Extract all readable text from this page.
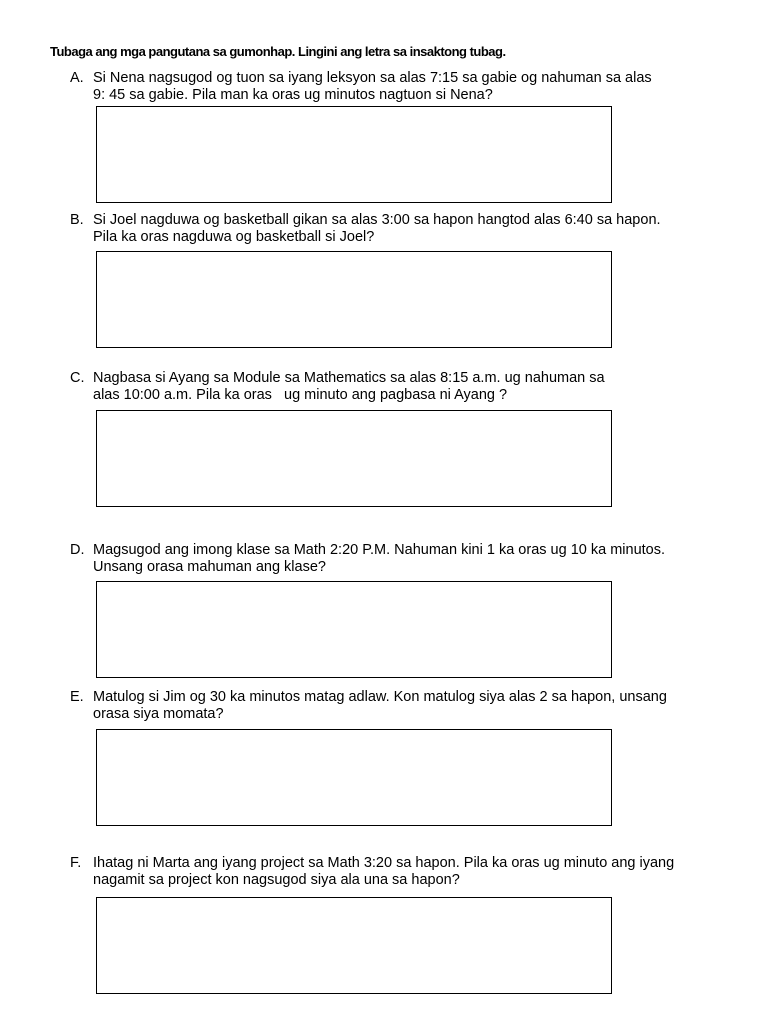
Tubaga ang mga pangutana sa gumonhap. Lingini ang letra sa insaktong tubag.
A. Si Nena nagsugod og tuon sa iyang leksyon sa alas 7:15 sa gabie og nahuman sa alas
9: 45 sa gabie. Pila man ka oras ug minutos nagtuon si Nena?
B. Si Joel nagduwa og basketball gikan sa alas 3:00 sa hapon hangtod alas 6:40 sa hapon.
Pila ka oras nagduwa og basketball si Joel?
C. Nagbasa si Ayang sa Module sa Mathematics sa alas 8:15 a.m. ug nahuman sa
alas 10:00 a.m. Pila ka oras   ug minuto ang pagbasa ni Ayang ?
D. Magsugod ang imong klase sa Math 2:20 P.M. Nahuman kini 1 ka oras ug 10 ka minutos.
Unsang orasa mahuman ang klase?
E. Matulog si Jim og 30 ka minutos matag adlaw. Kon matulog siya alas 2 sa hapon, unsang
orasa siya momata?
F. Ihatag ni Marta ang iyang project sa Math 3:20 sa hapon. Pila ka oras ug minuto ang iyang
nagamit sa project kon nagsugod siya ala una sa hapon?
